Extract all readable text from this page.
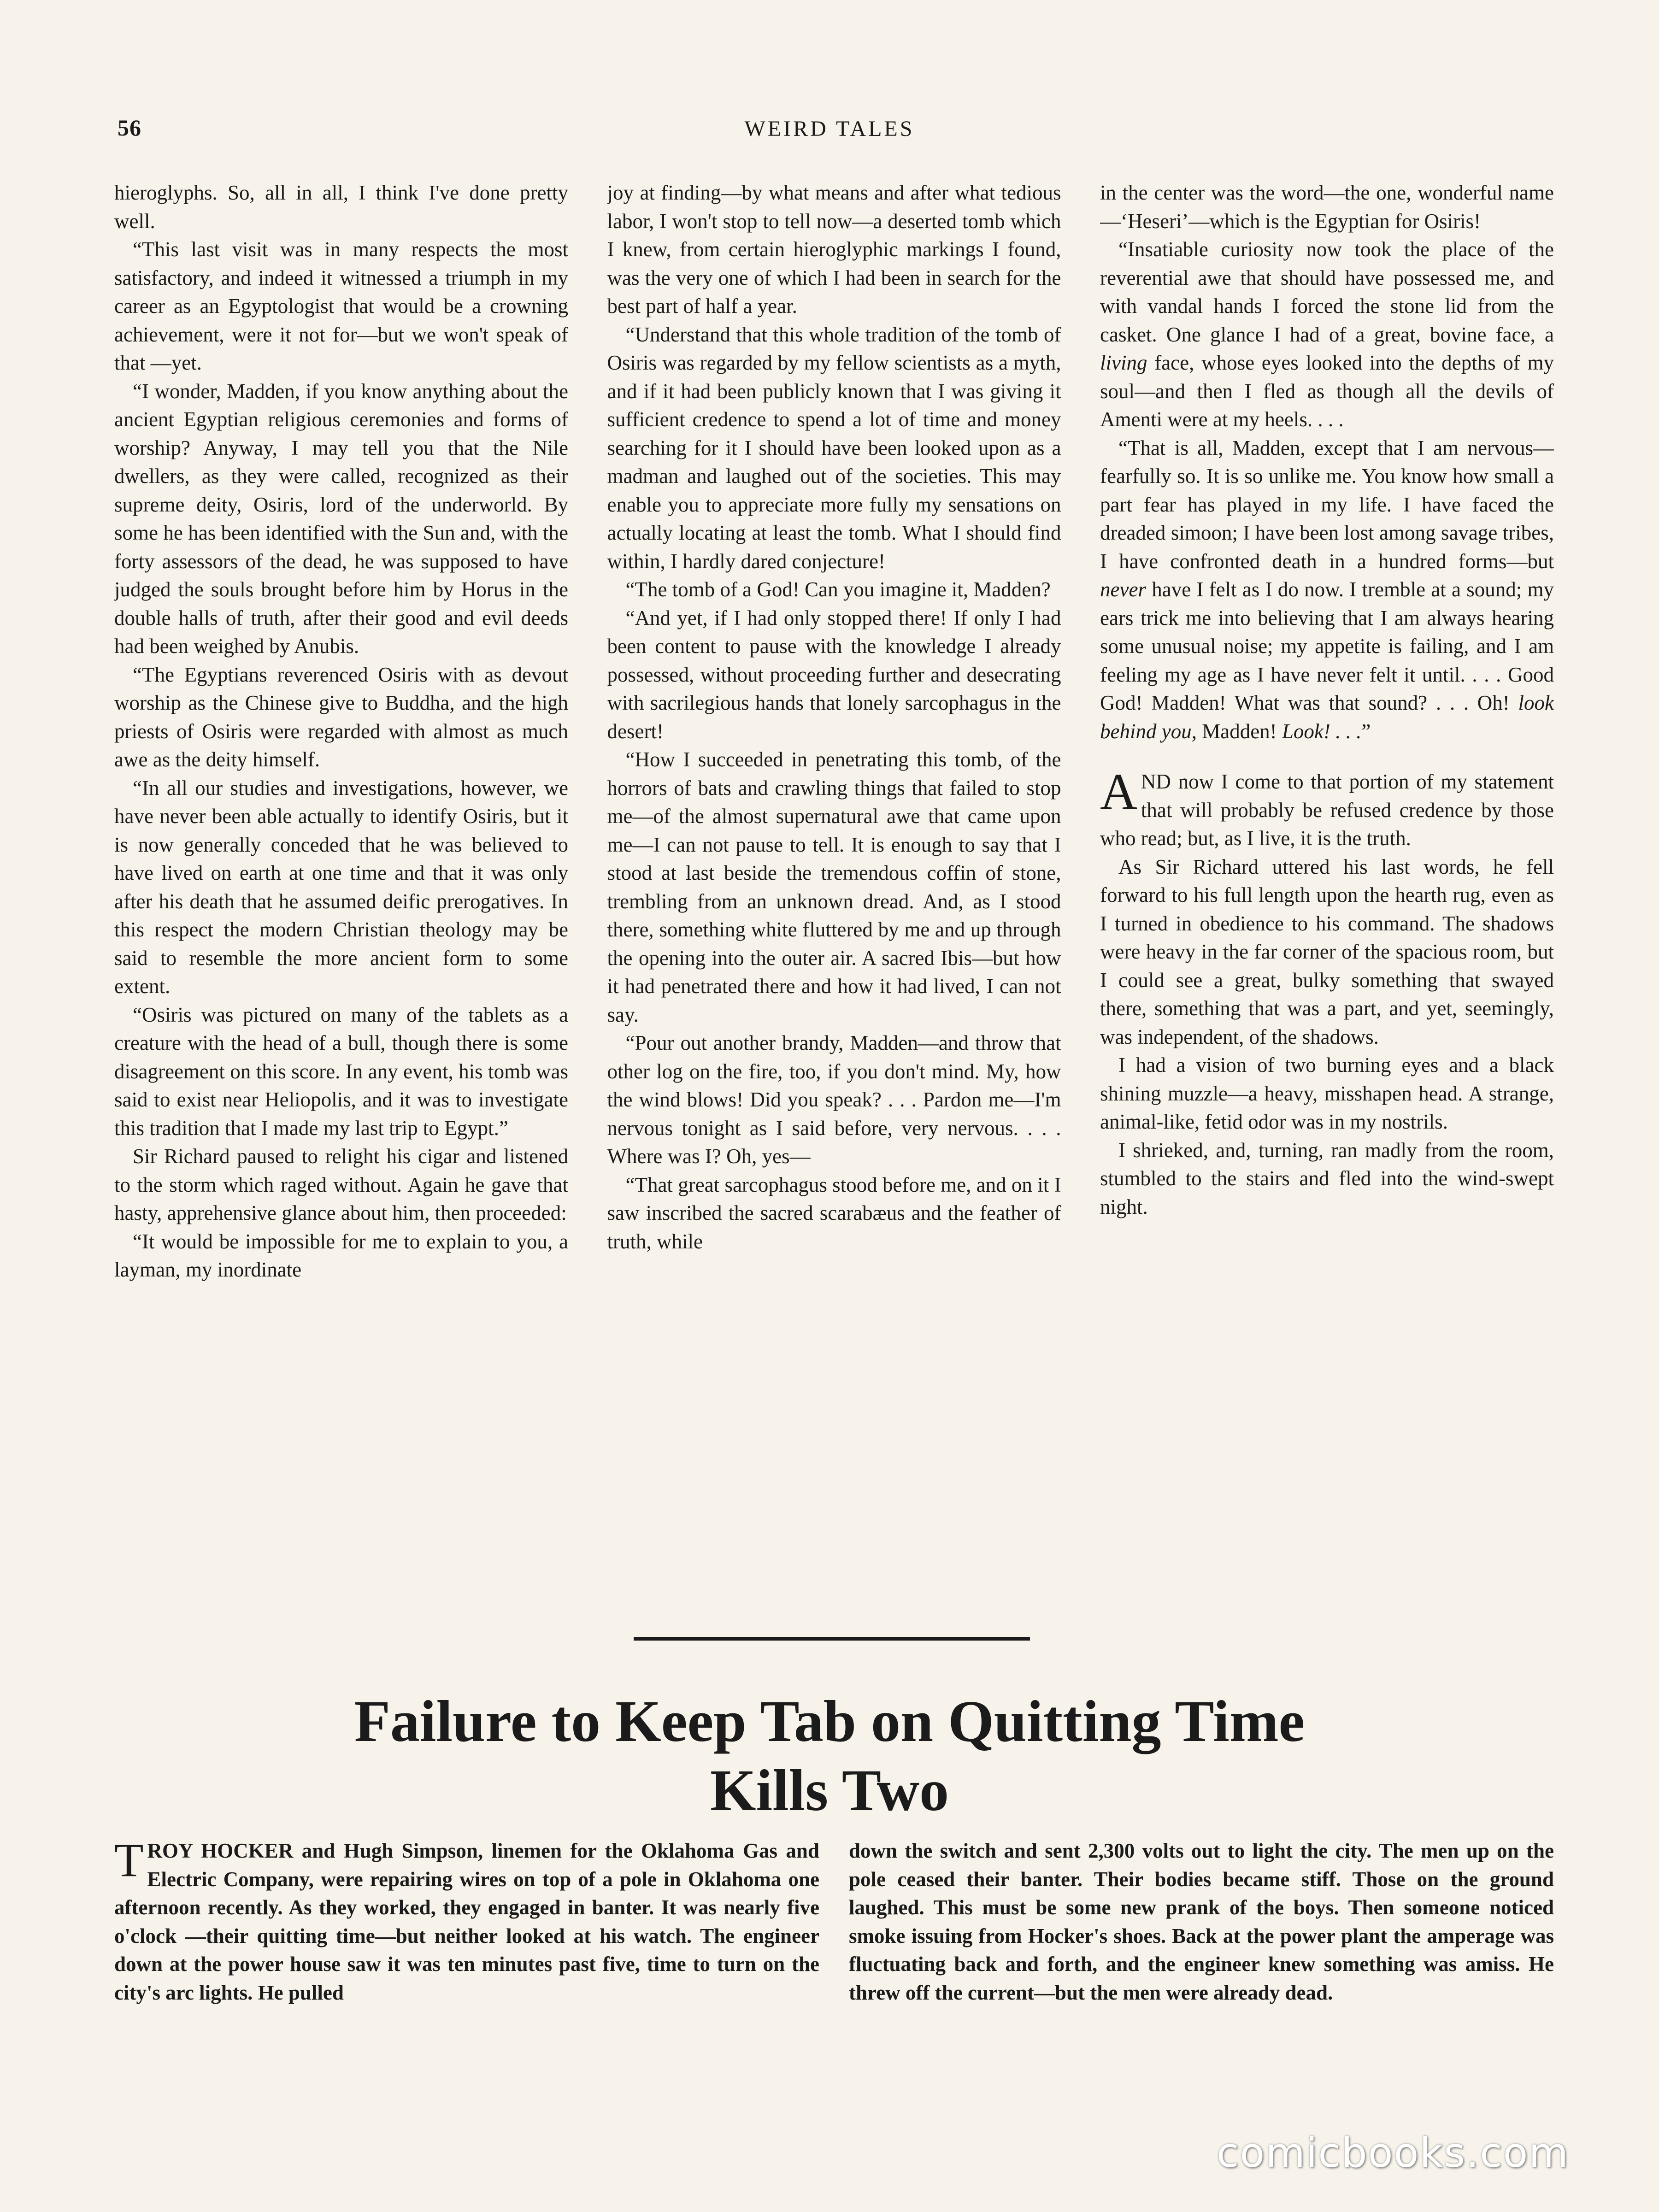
56	WEIRD TALES

hieroglyphs. So, all in all, I think I've done pretty well.

“This last visit was in many respects the most satisfactory, and indeed it witnessed a triumph in my career as an Egyptologist that would be a crowning achievement, were it not for—but we won't speak of that —yet.

“I wonder, Madden, if you know anything about the ancient Egyptian religious ceremonies and forms of worship? Anyway, I may tell you that the Nile dwellers, as they were called, recognized as their supreme deity, Osiris, lord of the underworld. By some he has been identified with the Sun and, with the forty assessors of the dead, he was supposed to have judged the souls brought before him by Horus in the double halls of truth, after their good and evil deeds had been weighed by Anubis.

“The Egyptians reverenced Osiris with as devout worship as the Chinese give to Buddha, and the high priests of Osiris were regarded with almost as much awe as the deity himself.

“In all our studies and investigations, however, we have never been able actually to identify Osiris, but it is now generally conceded that he was believed to have lived on earth at one time and that it was only after his death that he assumed deific prerogatives. In this respect the modern Christian theology may be said to resemble the more ancient form to some extent.

“Osiris was pictured on many of the tablets as a creature with the head of a bull, though there is some disagreement on this score. In any event, his tomb was said to exist near Heliopolis, and it was to investigate this tradition that I made my last trip to Egypt.”

Sir Richard paused to relight his cigar and listened to the storm which raged without. Again he gave that hasty, apprehensive glance about him, then proceeded:

“It would be impossible for me to explain to you, a layman, my inordinate

joy at finding—by what means and after what tedious labor, I won't stop to tell now—a deserted tomb which I knew, from certain hieroglyphic markings I found, was the very one of which I had been in search for the best part of half a year.

“Understand that this whole tradition of the tomb of Osiris was regarded by my fellow scientists as a myth, and if it had been publicly known that I was giving it sufficient credence to spend a lot of time and money searching for it I should have been looked upon as a madman and laughed out of the societies. This may enable you to appreciate more fully my sensations on actually locating at least the tomb. What I should find within, I hardly dared conjecture!

“The tomb of a God! Can you imagine it, Madden?

“And yet, if I had only stopped there! If only I had been content to pause with the knowledge I already possessed, without proceeding further and desecrating with sacrilegious hands that lonely sarcophagus in the desert!

“How I succeeded in penetrating this tomb, of the horrors of bats and crawling things that failed to stop me—of the almost supernatural awe that came upon me—I can not pause to tell. It is enough to say that I stood at last beside the tremendous coffin of stone, trembling from an unknown dread. And, as I stood there, something white fluttered by me and up through the opening into the outer air. A sacred Ibis—but how it had penetrated there and how it had lived, I can not say.

“Pour out another brandy, Madden—and throw that other log on the fire, too, if you don't mind. My, how the wind blows! Did you speak? . . . Pardon me—I'm nervous tonight as I said before, very nervous. . . . Where was I? Oh, yes—

“That great sarcophagus stood before me, and on it I saw inscribed the sacred scarabæus and the feather of truth, while

in the center was the word—the one, wonderful name—‘Heseri’—which is the Egyptian for Osiris!

“Insatiable curiosity now took the place of the reverential awe that should have possessed me, and with vandal hands I forced the stone lid from the casket. One glance I had of a great, bovine face, a living face, whose eyes looked into the depths of my soul—and then I fled as though all the devils of Amenti were at my heels. . . .

“That is all, Madden, except that I am nervous—fearfully so. It is so unlike me. You know how small a part fear has played in my life. I have faced the dreaded simoon; I have been lost among savage tribes, I have confronted death in a hundred forms—but never have I felt as I do now. I tremble at a sound; my ears trick me into believing that I am always hearing some unusual noise; my appetite is failing, and I am feeling my age as I have never felt it until. . . . Good God! Madden! What was that sound? . . . Oh! look behind you, Madden! Look! . . .”

AND now I come to that portion of my statement that will probably be refused credence by those who read; but, as I live, it is the truth.

As Sir Richard uttered his last words, he fell forward to his full length upon the hearth rug, even as I turned in obedience to his command. The shadows were heavy in the far corner of the spacious room, but I could see a great, bulky something that swayed there, something that was a part, and yet, seemingly, was independent, of the shadows.

I had a vision of two burning eyes and a black shining muzzle—a heavy, misshapen head. A strange, animal-like, fetid odor was in my nostrils.

I shrieked, and, turning, ran madly from the room, stumbled to the stairs and fled into the wind-swept night.

Failure to Keep Tab on Quitting Time
Kills Two

TROY HOCKER and Hugh Simpson, linemen for the Oklahoma Gas and Electric Company, were repairing wires on top of a pole in Oklahoma one afternoon recently. As they worked, they engaged in banter. It was nearly five o'clock —their quitting time—but neither looked at his watch. The engineer down at the power house saw it was ten minutes past five, time to turn on the city's arc lights. He pulled

down the switch and sent 2,300 volts out to light the city. The men up on the pole ceased their banter. Their bodies became stiff. Those on the ground laughed. This must be some new prank of the boys. Then someone noticed smoke issuing from Hocker's shoes. Back at the power plant the amperage was fluctuating back and forth, and the engineer knew something was amiss. He threw off the current—but the men were already dead.

comicbooks.com
